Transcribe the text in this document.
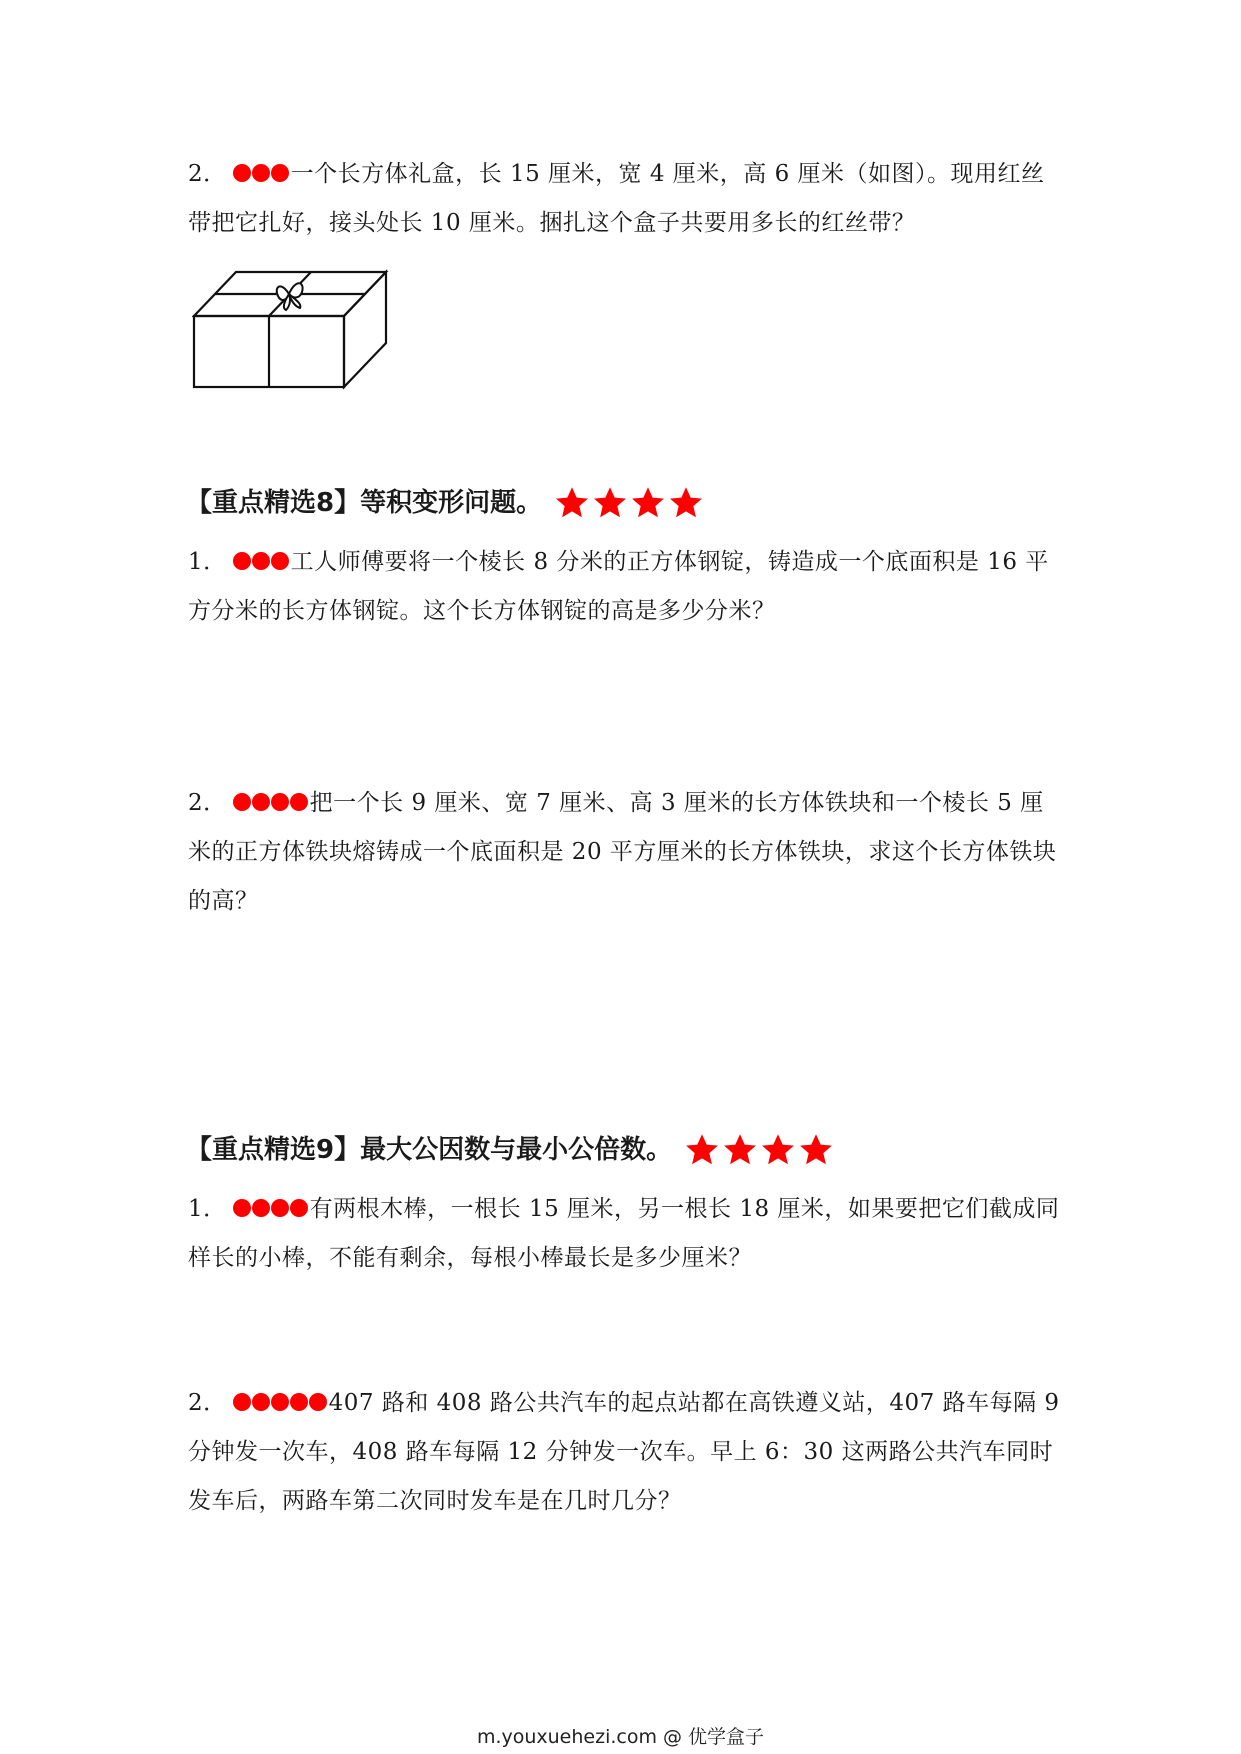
2．	一个长方体礼盒，长 15 厘米，宽 4 厘米，高 6 厘米（如图）。现用红丝带把它扎好，接头处长 10 厘米。捆扎这个盒子共要用多长的红丝带？

【重点精选8】等积变形问题。

1．	工人师傅要将一个棱长 8 分米的正方体钢锭，铸造成一个底面积是 16 平方分米的长方体钢锭。这个长方体钢锭的高是多少分米？

2．	把一个长 9 厘米、宽 7 厘米、高 3 厘米的长方体铁块和一个棱长 5 厘米的正方体铁块熔铸成一个底面积是 20 平方厘米的长方体铁块，求这个长方体铁块的高？

【重点精选9】最大公因数与最小公倍数。

1．	有两根木棒，一根长 15 厘米，另一根长 18 厘米，如果要把它们截成同样长的小棒，不能有剩余，每根小棒最长是多少厘米？

2．	407 路和 408 路公共汽车的起点站都在高铁遵义站，407 路车每隔 9 分钟发一次车，408 路车每隔 12 分钟发一次车。早上 6：30 这两路公共汽车同时发车后，两路车第二次同时发车是在几时几分？

m.youxuehezi.com @ 优学盒子
